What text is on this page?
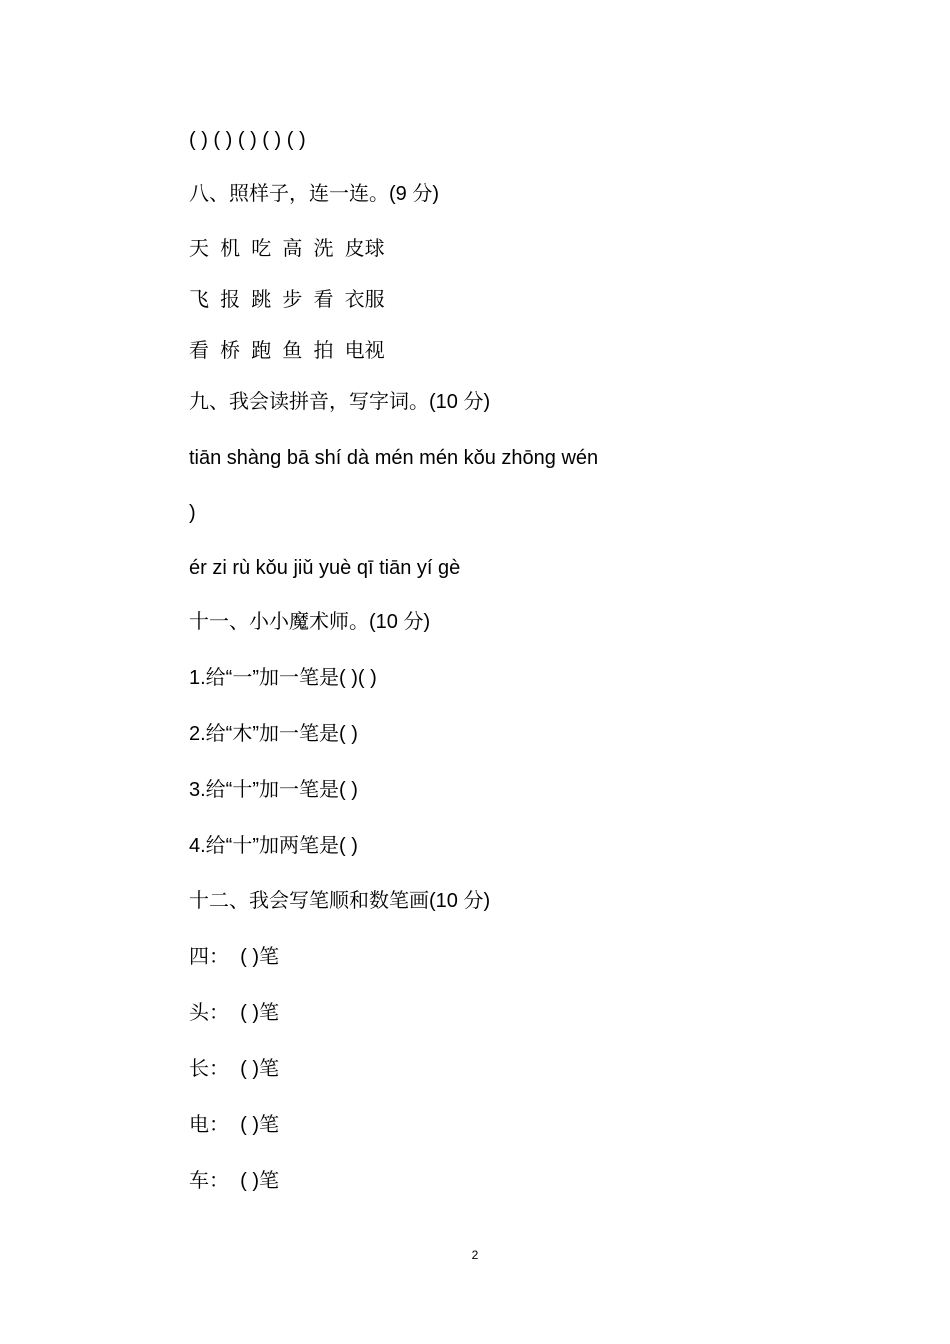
( ) ( ) ( ) ( ) ( )
八、照样子，连一连。(9 分)
天  机  吃  高  洗  皮球
飞  报  跳  步  看  衣服
看  桥  跑  鱼  拍  电视
九、我会读拼音，写字词。(10 分)
tiān shàng bā shí dà mén mén kǒu zhōng wén
)
ér zi rù kǒu jiǔ yuè qī tiān yí gè
十一、小小魔术师。(10 分)
1.给“一”加一笔是( )( )
2.给“木”加一笔是( )
3.给“十”加一笔是( )
4.给“十”加两笔是( )
十二、我会写笔顺和数笔画(10 分)
四：  ( )笔
头：  ( )笔
长：  ( )笔
电：  ( )笔
车：  ( )笔
2
